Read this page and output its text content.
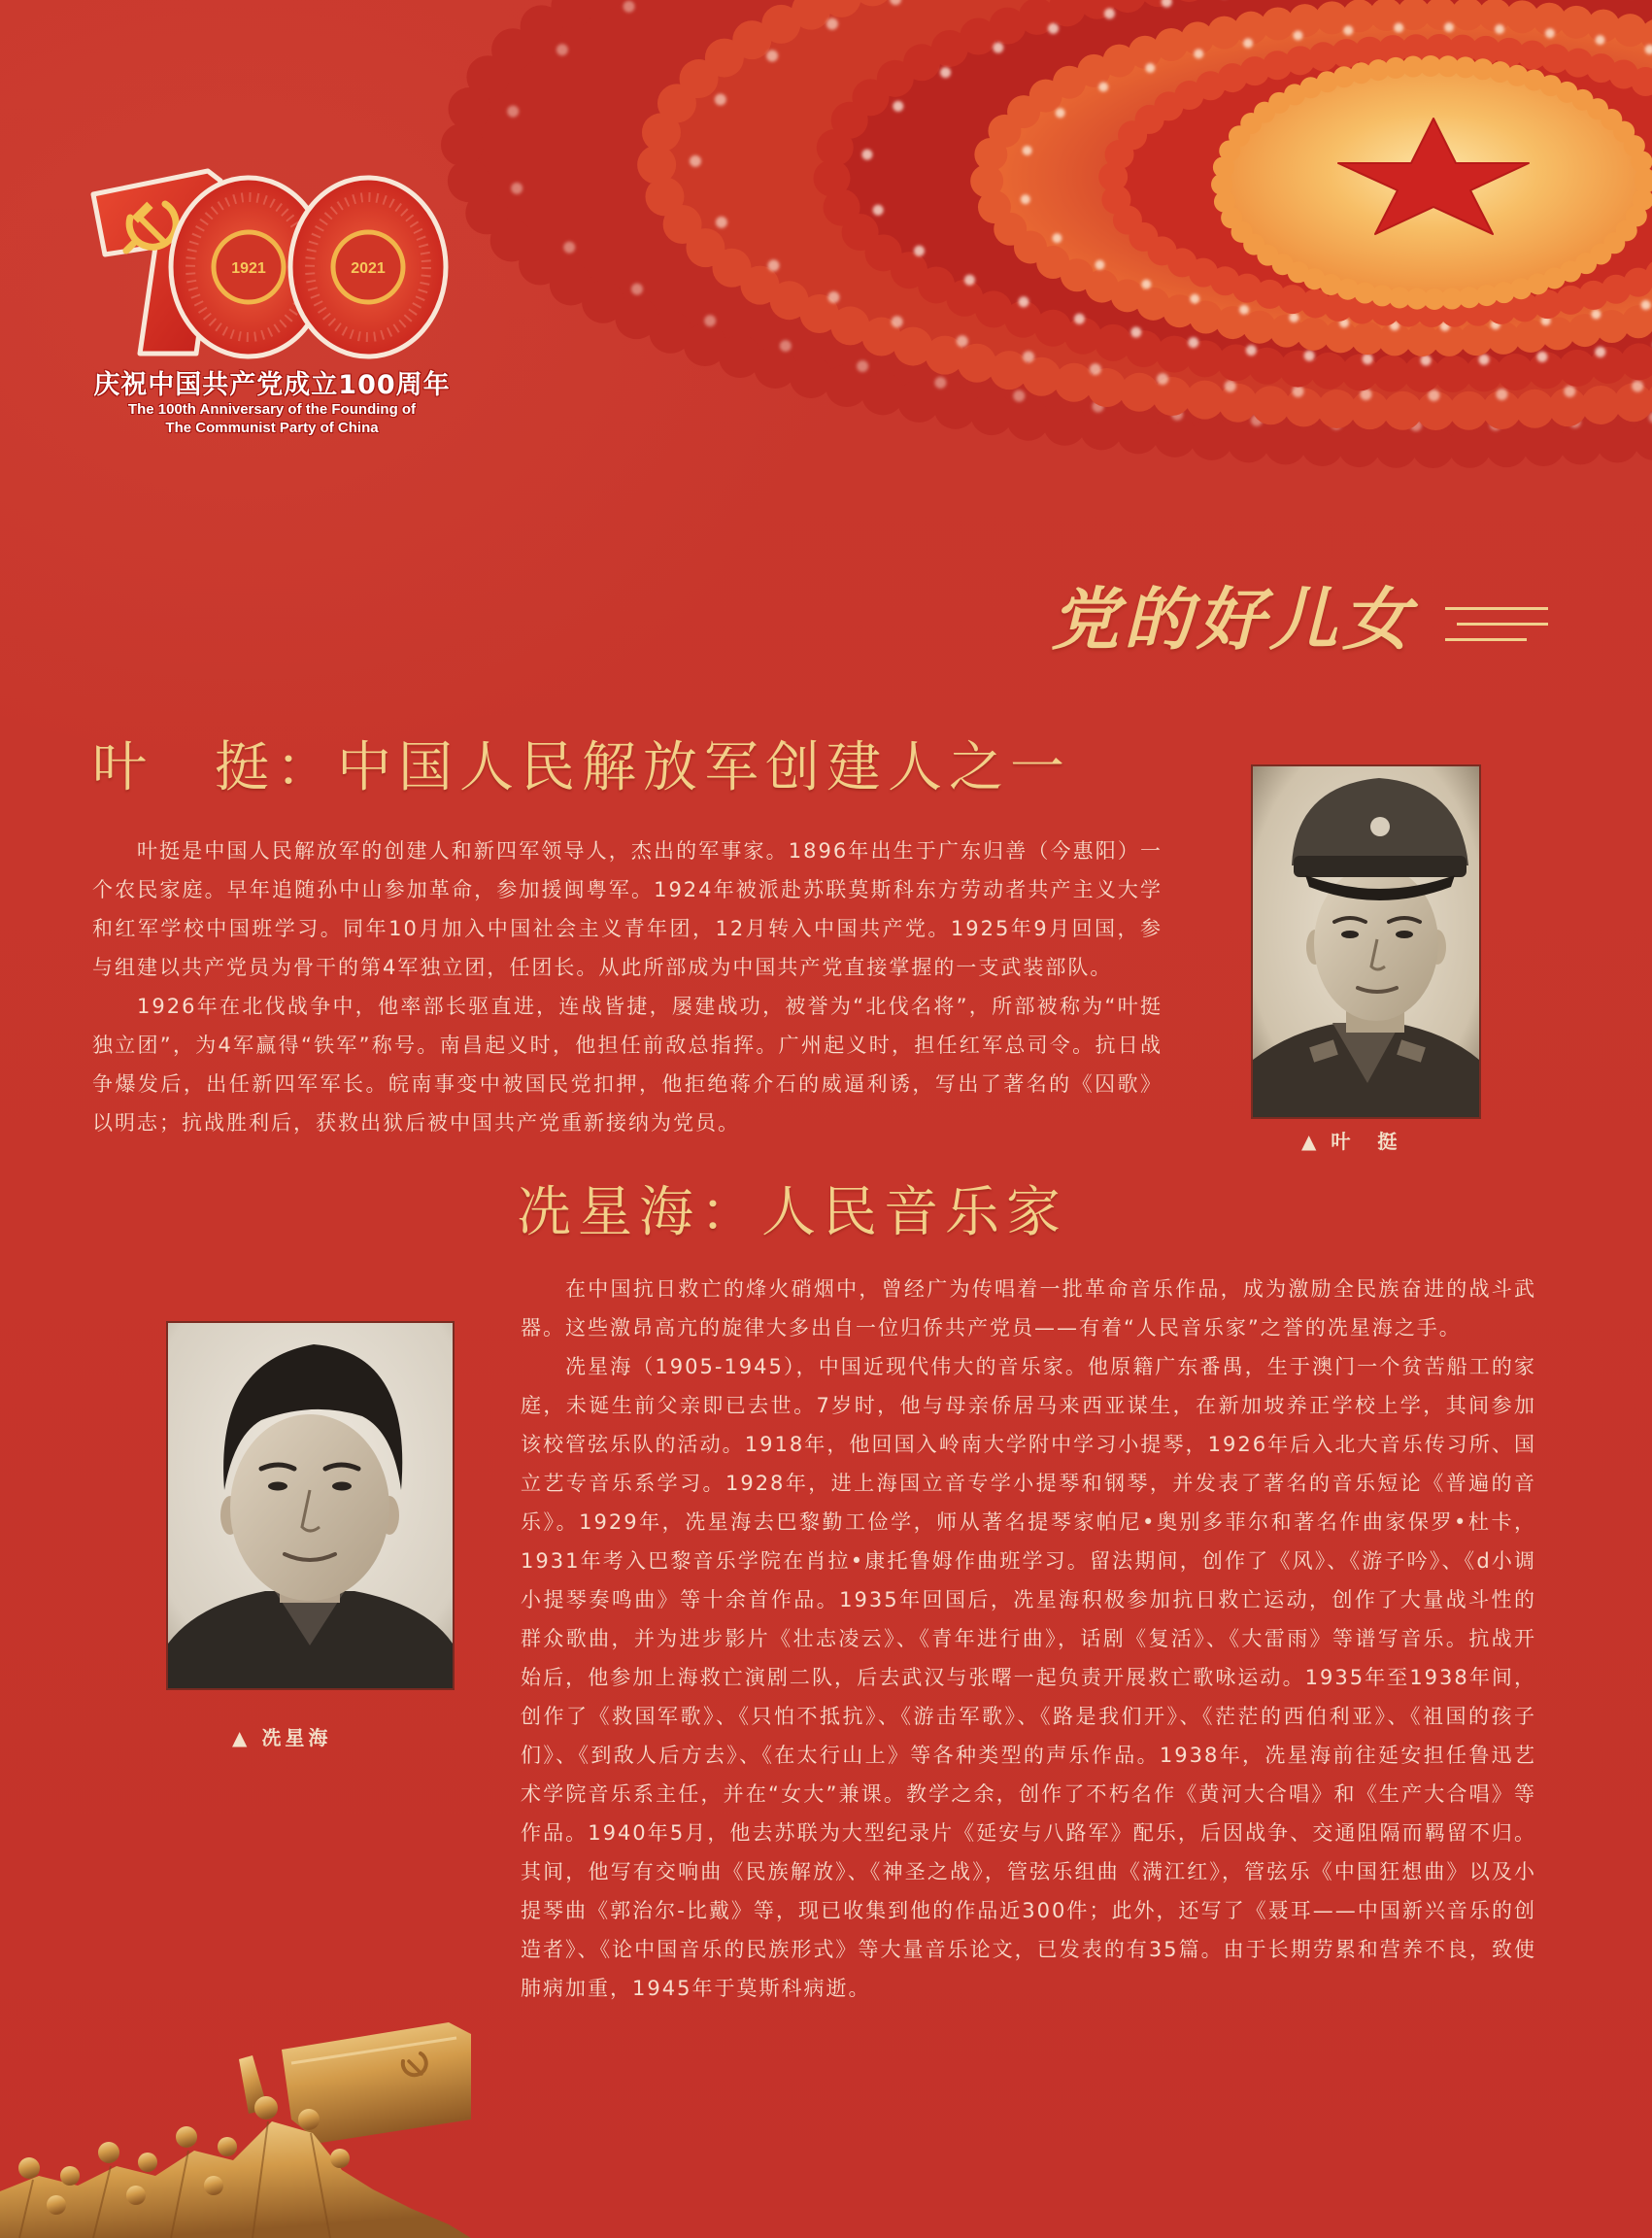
1921	2021
庆祝中国共产党成立100周年
The 100th Anniversary of the Founding of
The Communist Party of China
党的好儿女
叶　挺：中国人民解放军创建人之一

叶挺是中国人民解放军的创建人和新四军领导人，杰出的军事家。1896年出生于广东归善（今惠阳）一个农民家庭。早年追随孙中山参加革命，参加援闽粤军。1924年被派赴苏联莫斯科东方劳动者共产主义大学和红军学校中国班学习。同年10月加入中国社会主义青年团，12月转入中国共产党。1925年9月回国，参与组建以共产党员为骨干的第4军独立团，任团长。从此所部成为中国共产党直接掌握的一支武装部队。

1926年在北伐战争中，他率部长驱直进，连战皆捷，屡建战功，被誉为“北伐名将”，所部被称为“叶挺独立团”，为4军赢得“铁军”称号。南昌起义时，他担任前敌总指挥。广州起义时，担任红军总司令。抗日战争爆发后，出任新四军军长。皖南事变中被国民党扣押，他拒绝蒋介石的威逼利诱，写出了著名的《囚歌》以明志；抗战胜利后，获救出狱后被中国共产党重新接纳为党员。

▲ 叶　挺
冼星海：人民音乐家

在中国抗日救亡的烽火硝烟中，曾经广为传唱着一批革命音乐作品，成为激励全民族奋进的战斗武器。这些激昂高亢的旋律大多出自一位归侨共产党员——有着“人民音乐家”之誉的冼星海之手。

冼星海（1905-1945），中国近现代伟大的音乐家。他原籍广东番禺，生于澳门一个贫苦船工的家庭，未诞生前父亲即已去世。7岁时，他与母亲侨居马来西亚谋生，在新加坡养正学校上学，其间参加该校管弦乐队的活动。1918年，他回国入岭南大学附中学习小提琴，1926年后入北大音乐传习所、国立艺专音乐系学习。1928年，进上海国立音专学小提琴和钢琴，并发表了著名的音乐短论《普遍的音乐》。1929年，冼星海去巴黎勤工俭学，师从著名提琴家帕尼•奥别多菲尔和著名作曲家保罗•杜卡，1931年考入巴黎音乐学院在肖拉•康托鲁姆作曲班学习。留法期间，创作了《风》、《游子吟》、《d小调小提琴奏鸣曲》等十余首作品。1935年回国后，冼星海积极参加抗日救亡运动，创作了大量战斗性的群众歌曲，并为进步影片《壮志凌云》、《青年进行曲》，话剧《复活》、《大雷雨》等谱写音乐。抗战开始后，他参加上海救亡演剧二队，后去武汉与张曙一起负责开展救亡歌咏运动。1935年至1938年间，创作了《救国军歌》、《只怕不抵抗》、《游击军歌》、《路是我们开》、《茫茫的西伯利亚》、《祖国的孩子们》、《到敌人后方去》、《在太行山上》等各种类型的声乐作品。1938年，冼星海前往延安担任鲁迅艺术学院音乐系主任，并在“女大”兼课。教学之余，创作了不朽名作《黄河大合唱》和《生产大合唱》等作品。1940年5月，他去苏联为大型纪录片《延安与八路军》配乐，后因战争、交通阻隔而羁留不归。其间，他写有交响曲《民族解放》、《神圣之战》，管弦乐组曲《满江红》，管弦乐《中国狂想曲》以及小提琴曲《郭治尔-比戴》等，现已收集到他的作品近300件；此外，还写了《聂耳——中国新兴音乐的创造者》、《论中国音乐的民族形式》等大量音乐论文，已发表的有35篇。由于长期劳累和营养不良，致使肺病加重，1945年于莫斯科病逝。

▲ 冼星海
